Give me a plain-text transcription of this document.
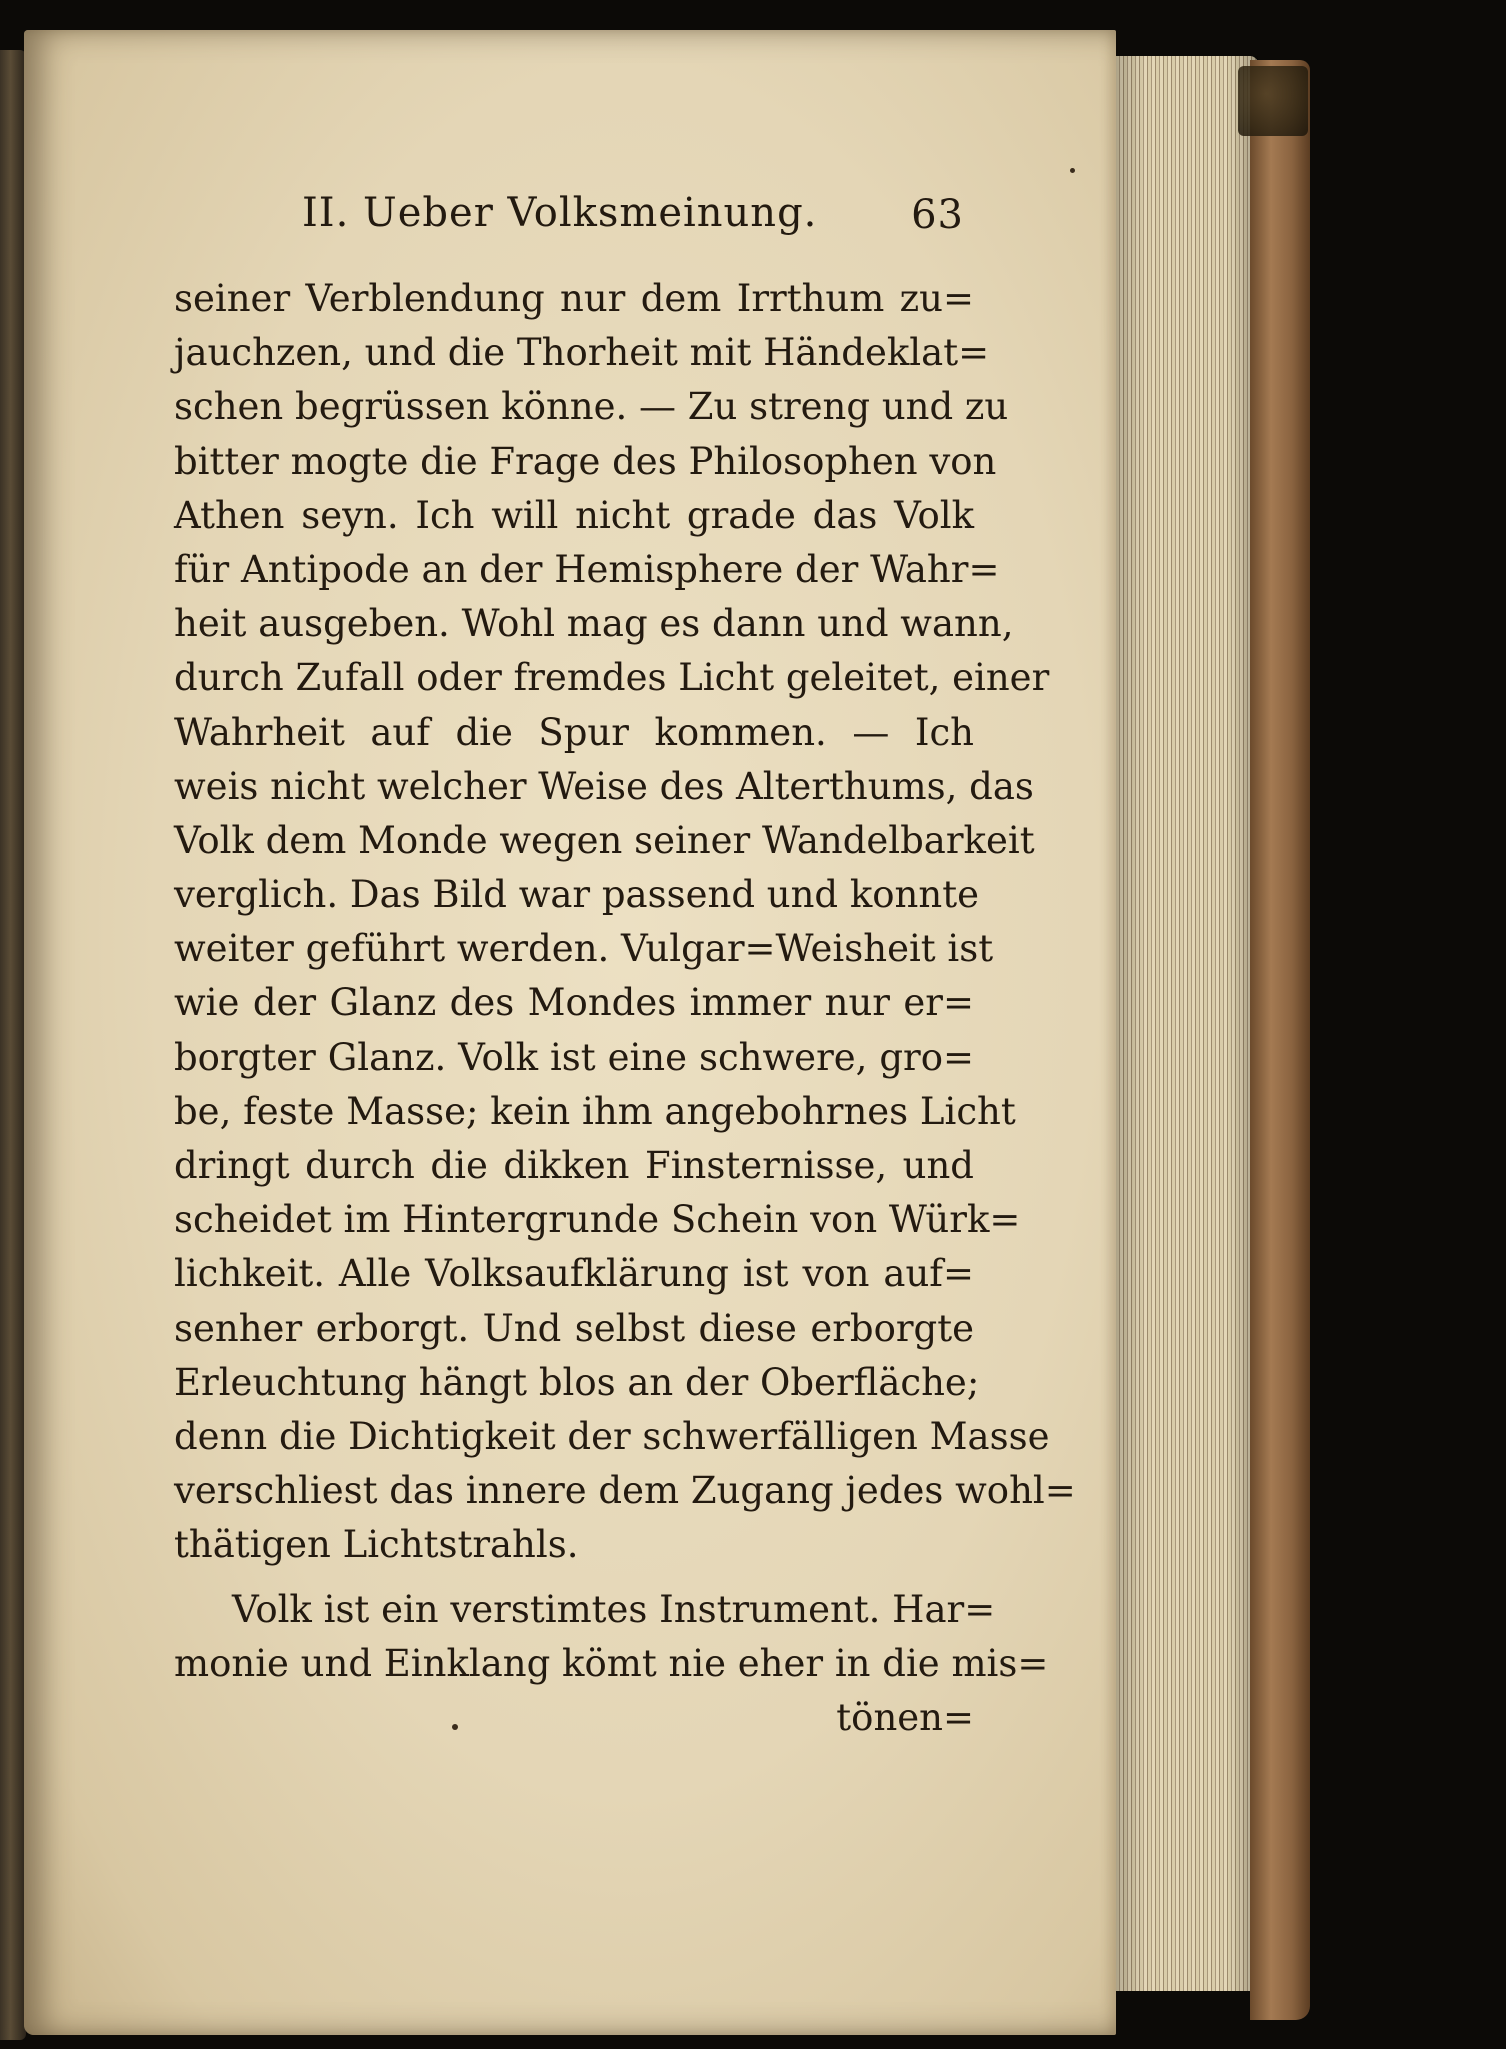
II. Ueber Volksmeinung. 63
seiner Verblendung nur dem Irrthum zu=
jauchzen, und die Thorheit mit Händeklat=
schen begrüssen könne. — Zu streng und zu
bitter mogte die Frage des Philosophen von
Athen seyn. Ich will nicht grade das Volk
für Antipode an der Hemisphere der Wahr=
heit ausgeben. Wohl mag es dann und wann,
durch Zufall oder fremdes Licht geleitet, einer
Wahrheit auf die Spur kommen. — Ich
weis nicht welcher Weise des Alterthums, das
Volk dem Monde wegen seiner Wandelbarkeit
verglich. Das Bild war passend und konnte
weiter geführt werden. Vulgar=Weisheit ist
wie der Glanz des Mondes immer nur er=
borgter Glanz. Volk ist eine schwere, gro=
be, feste Masse; kein ihm angebohrnes Licht
dringt durch die dikken Finsternisse, und
scheidet im Hintergrunde Schein von Würk=
lichkeit. Alle Volksaufklärung ist von auf=
senher erborgt. Und selbst diese erborgte
Erleuchtung hängt blos an der Oberfläche;
denn die Dichtigkeit der schwerfälligen Masse
verschliest das innere dem Zugang jedes wohl=
thätigen Lichtstrahls.
Volk ist ein verstimtes Instrument. Har=
monie und Einklang kömt nie eher in die mis=
tönen=
